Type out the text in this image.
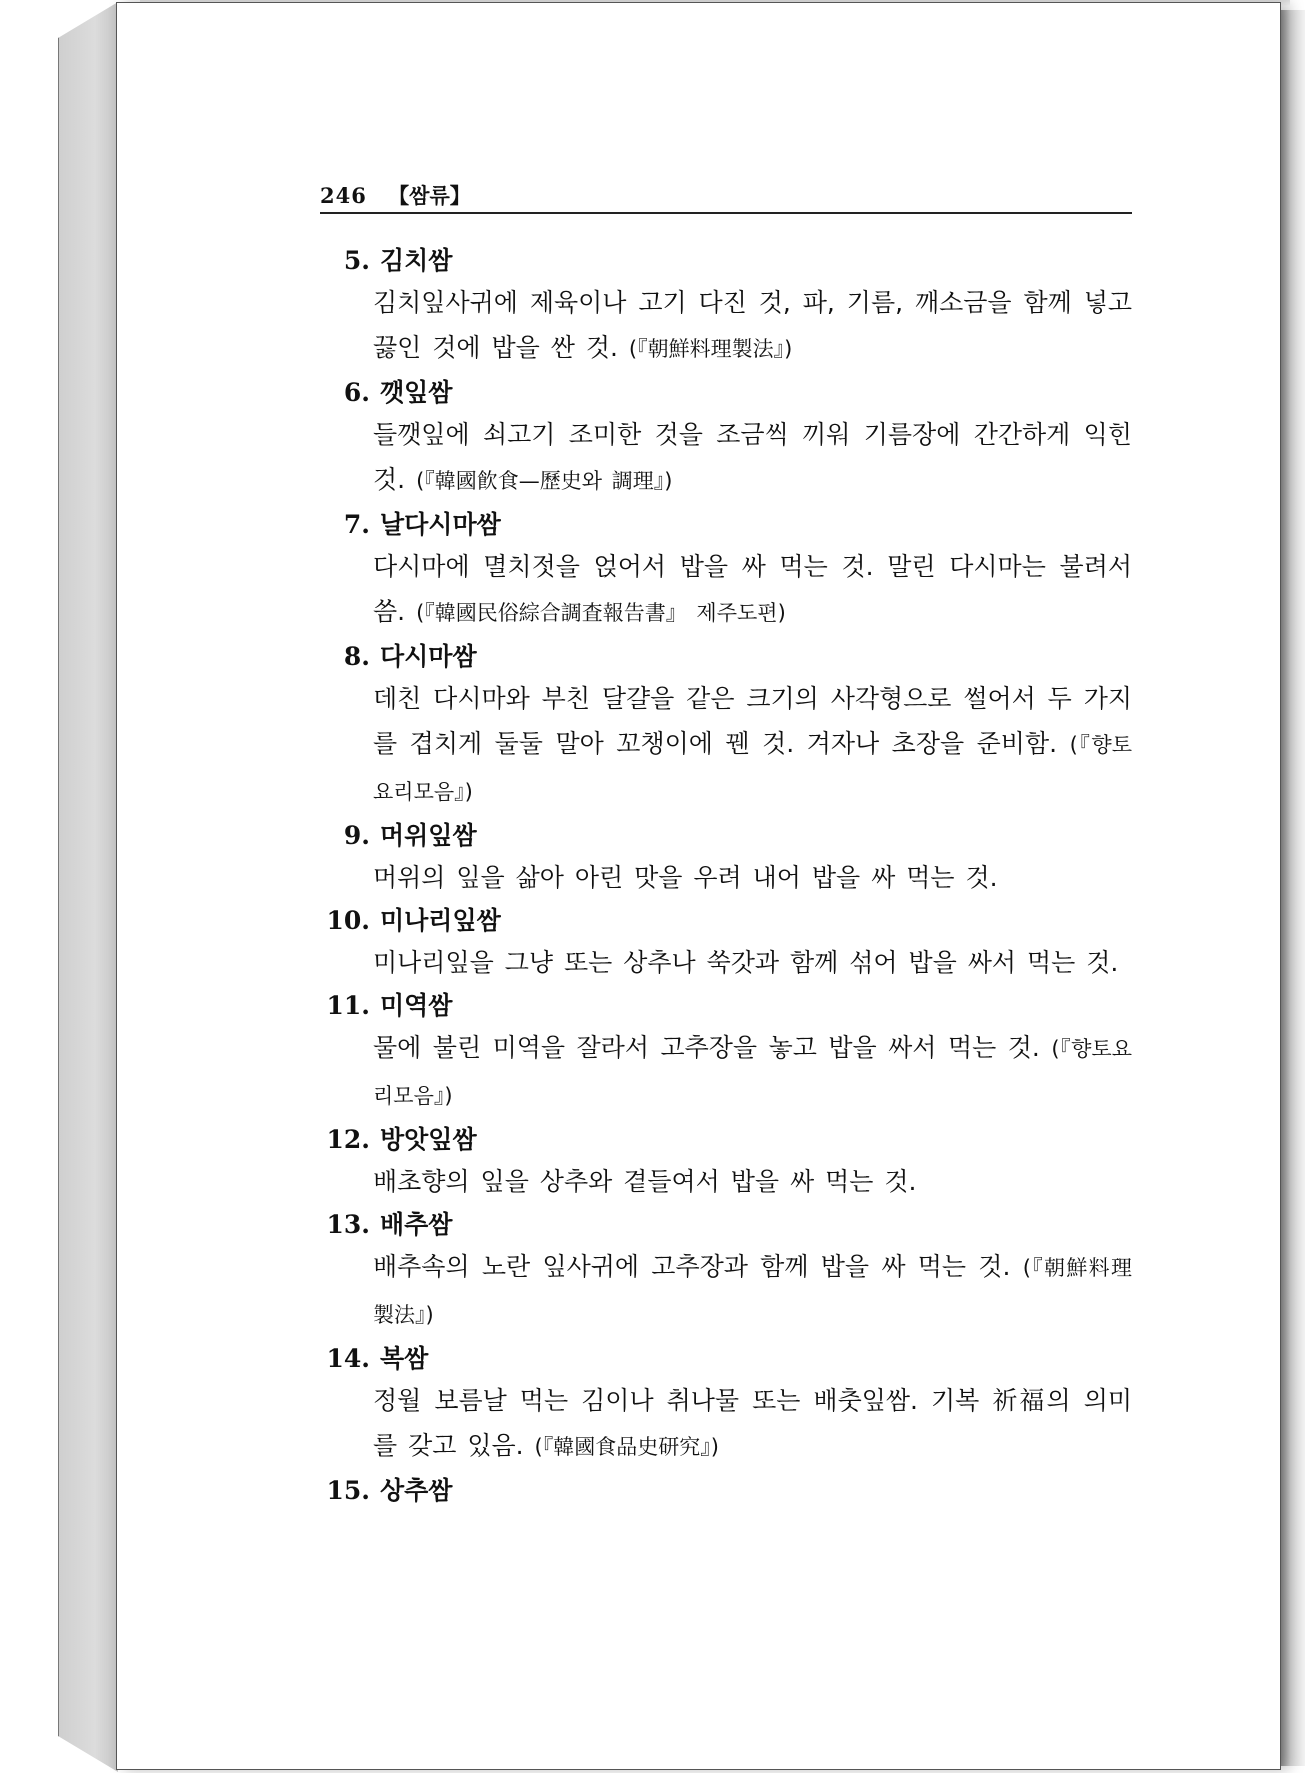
246 【쌈류】
5. 김치쌈
김치잎사귀에 제육이나 고기 다진 것, 파, 기름, 깨소금을 함께 넣고 끓인 것에 밥을 싼 것. (『朝鮮料理製法』)
6. 깻잎쌈
들깻잎에 쇠고기 조미한 것을 조금씩 끼워 기름장에 간간하게 익힌 것. (『韓國飮食—歷史와 調理』)
7. 날다시마쌈
다시마에 멸치젓을 얹어서 밥을 싸 먹는 것. 말린 다시마는 불려서 씀. (『韓國民俗綜合調査報告書』 제주도편)
8. 다시마쌈
데친 다시마와 부친 달걀을 같은 크기의 사각형으로 썰어서 두 가지를 겹치게 둘둘 말아 꼬챙이에 꿴 것. 겨자나 초장을 준비함. (『향토요리모음』)
9. 머위잎쌈
머위의 잎을 삶아 아린 맛을 우려 내어 밥을 싸 먹는 것.
10. 미나리잎쌈
미나리잎을 그냥 또는 상추나 쑥갓과 함께 섞어 밥을 싸서 먹는 것.
11. 미역쌈
물에 불린 미역을 잘라서 고추장을 놓고 밥을 싸서 먹는 것. (『향토요리모음』)
12. 방앗잎쌈
배초향의 잎을 상추와 곁들여서 밥을 싸 먹는 것.
13. 배추쌈
배추속의 노란 잎사귀에 고추장과 함께 밥을 싸 먹는 것. (『朝鮮料理製法』)
14. 복쌈
정월 보름날 먹는 김이나 취나물 또는 배춧잎쌈. 기복 祈福의 의미를 갖고 있음. (『韓國食品史研究』)
15. 상추쌈
